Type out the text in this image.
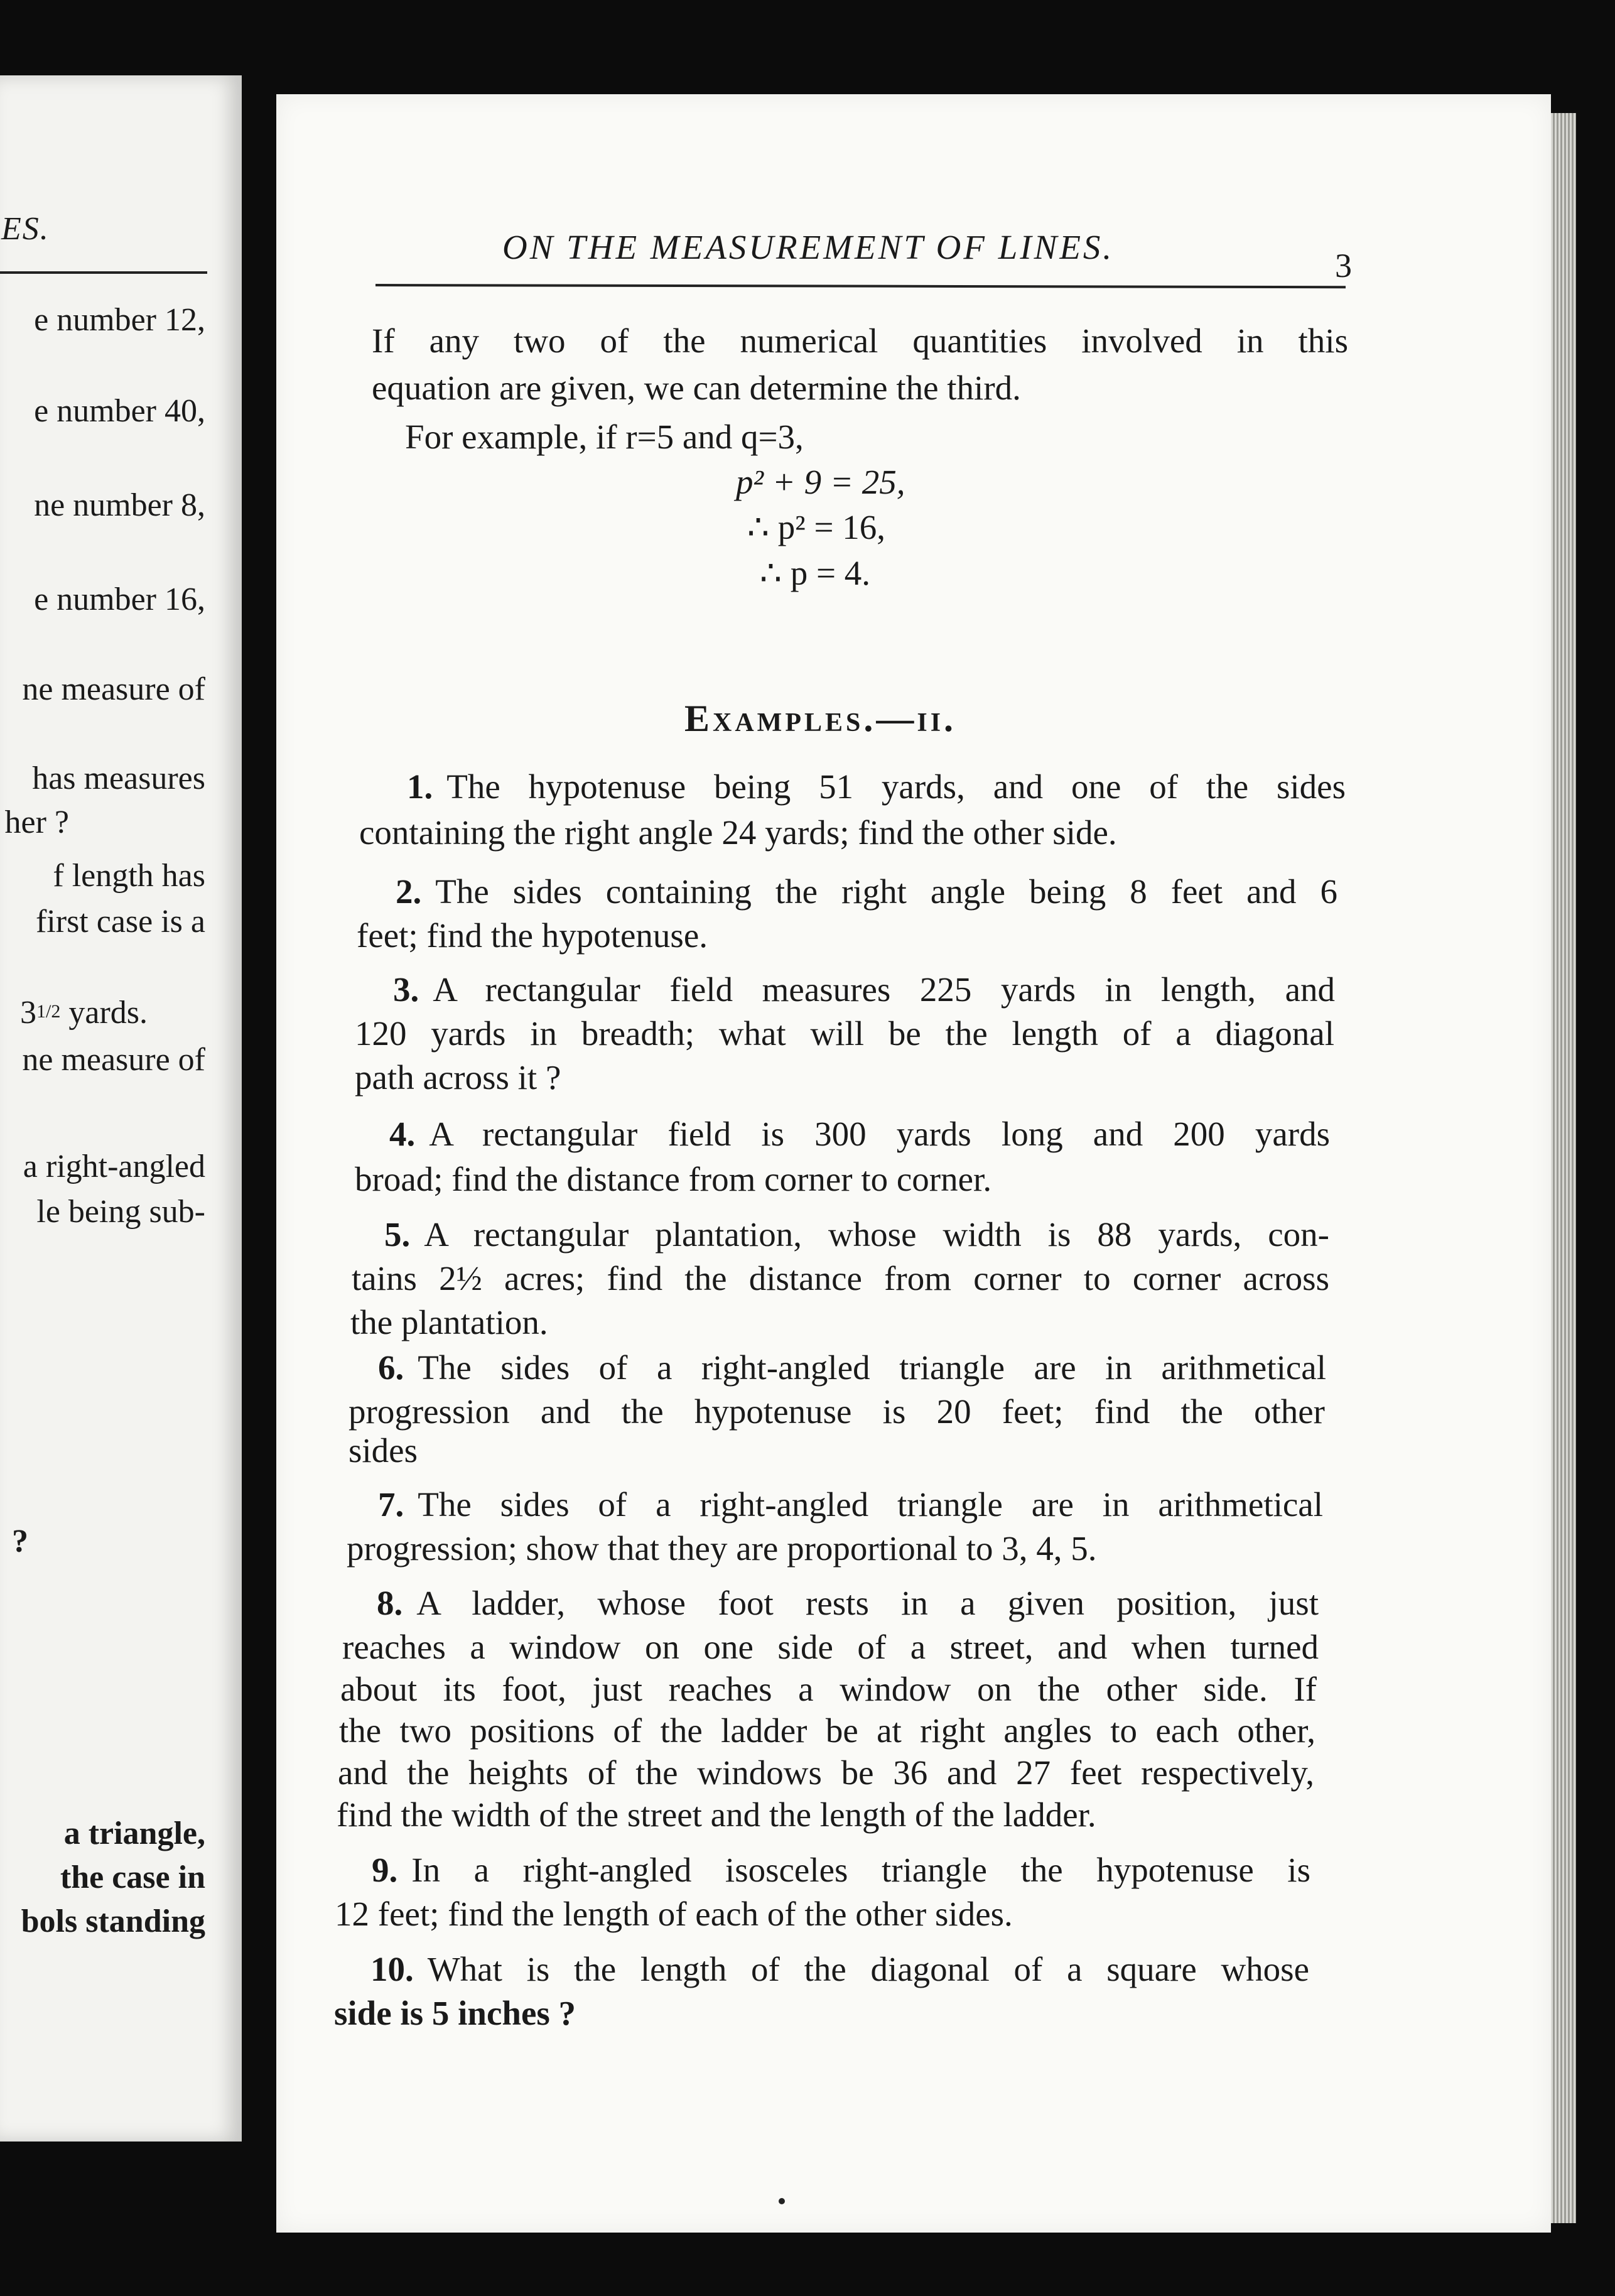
ES.
e number 12,
e number 40,
ne number 8,
e number 16,
ne measure of
has measures
her ?
f length has
first case is a
31/2 yards.
ne measure of
a right-angled
le being sub-
?
a triangle,
the case in
bols standing
ON THE MEASUREMENT OF LINES.	3
If any two of the numerical quantities involved in this
equation are given, we can determine the third.
For example, if r=5 and q=3,
p² + 9 = 25,
∴ p² = 16,
∴ p = 4.
Examples.—ii.
1. The hypotenuse being 51 yards, and one of the sides
containing the right angle 24 yards; find the other side.
2. The sides containing the right angle being 8 feet and 6
feet; find the hypotenuse.
3. A rectangular field measures 225 yards in length, and
120 yards in breadth; what will be the length of a diagonal
path across it ?
4. A rectangular field is 300 yards long and 200 yards
broad; find the distance from corner to corner.
5. A rectangular plantation, whose width is 88 yards, con-
tains 2½ acres; find the distance from corner to corner across
the plantation.
6. The sides of a right-angled triangle are in arithmetical
progression and the hypotenuse is 20 feet; find the other
sides
7. The sides of a right-angled triangle are in arithmetical
progression; show that they are proportional to 3, 4, 5.
8. A ladder, whose foot rests in a given position, just
reaches a window on one side of a street, and when turned
about its foot, just reaches a window on the other side. If
the two positions of the ladder be at right angles to each other,
and the heights of the windows be 36 and 27 feet respectively,
find the width of the street and the length of the ladder.
9. In a right-angled isosceles triangle the hypotenuse is
12 feet; find the length of each of the other sides.
10. What is the length of the diagonal of a square whose
side is 5 inches ?
